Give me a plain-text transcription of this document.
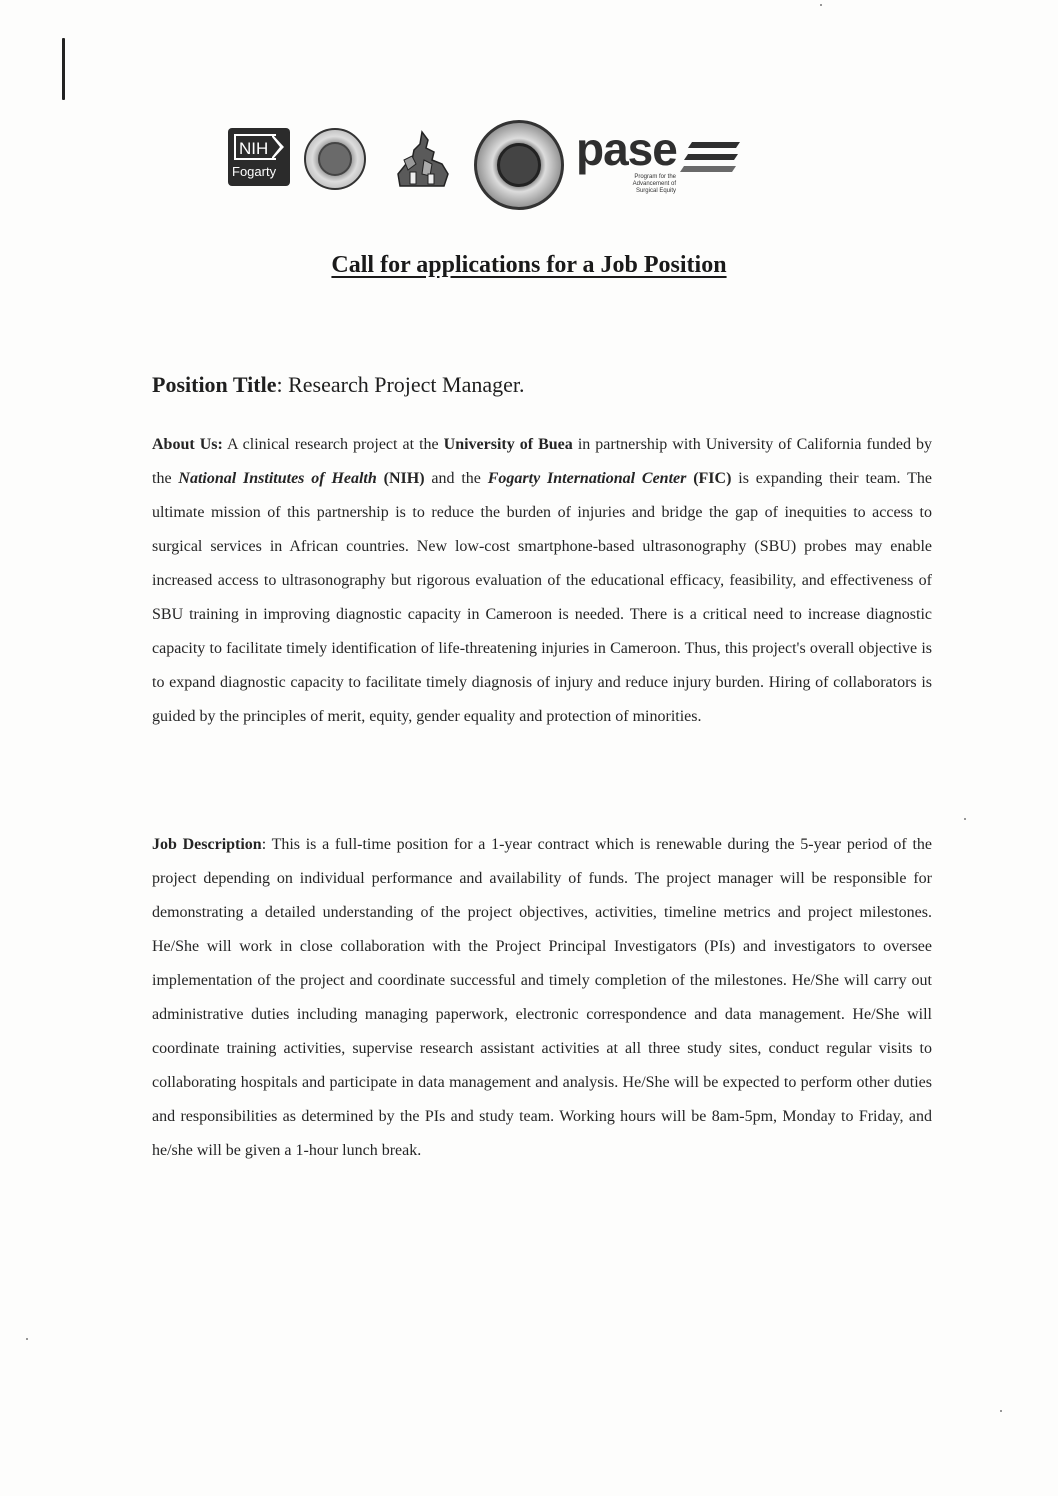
NIH
Fogarty	pase
Program for the Advancement of Surgical Equity
Call for applications for a Job Position
Position Title: Research Project Manager.
About Us: A clinical research project at the University of Buea in partnership with University of California funded by the National Institutes of Health (NIH) and the Fogarty International Center (FIC) is expanding their team. The ultimate mission of this partnership is to reduce the burden of injuries and bridge the gap of inequities to access to surgical services in African countries. New low-cost smartphone-based ultrasonography (SBU) probes may enable increased access to ultrasonography but rigorous evaluation of the educational efficacy, feasibility, and effectiveness of SBU training in improving diagnostic capacity in Cameroon is needed. There is a critical need to increase diagnostic capacity to facilitate timely identification of life-threatening injuries in Cameroon. Thus, this project's overall objective is to expand diagnostic capacity to facilitate timely diagnosis of injury and reduce injury burden. Hiring of collaborators is guided by the principles of merit, equity, gender equality and protection of minorities.
Job Description: This is a full-time position for a 1-year contract which is renewable during the 5-year period of the project depending on individual performance and availability of funds. The project manager will be responsible for demonstrating a detailed understanding of the project objectives, activities, timeline metrics and project milestones. He/She will work in close collaboration with the Project Principal Investigators (PIs) and investigators to oversee implementation of the project and coordinate successful and timely completion of the milestones. He/She will carry out administrative duties including managing paperwork, electronic correspondence and data management. He/She will coordinate training activities, supervise research assistant activities at all three study sites, conduct regular visits to collaborating hospitals and participate in data management and analysis. He/She will be expected to perform other duties and responsibilities as determined by the PIs and study team. Working hours will be 8am-5pm, Monday to Friday, and he/she will be given a 1-hour lunch break.
